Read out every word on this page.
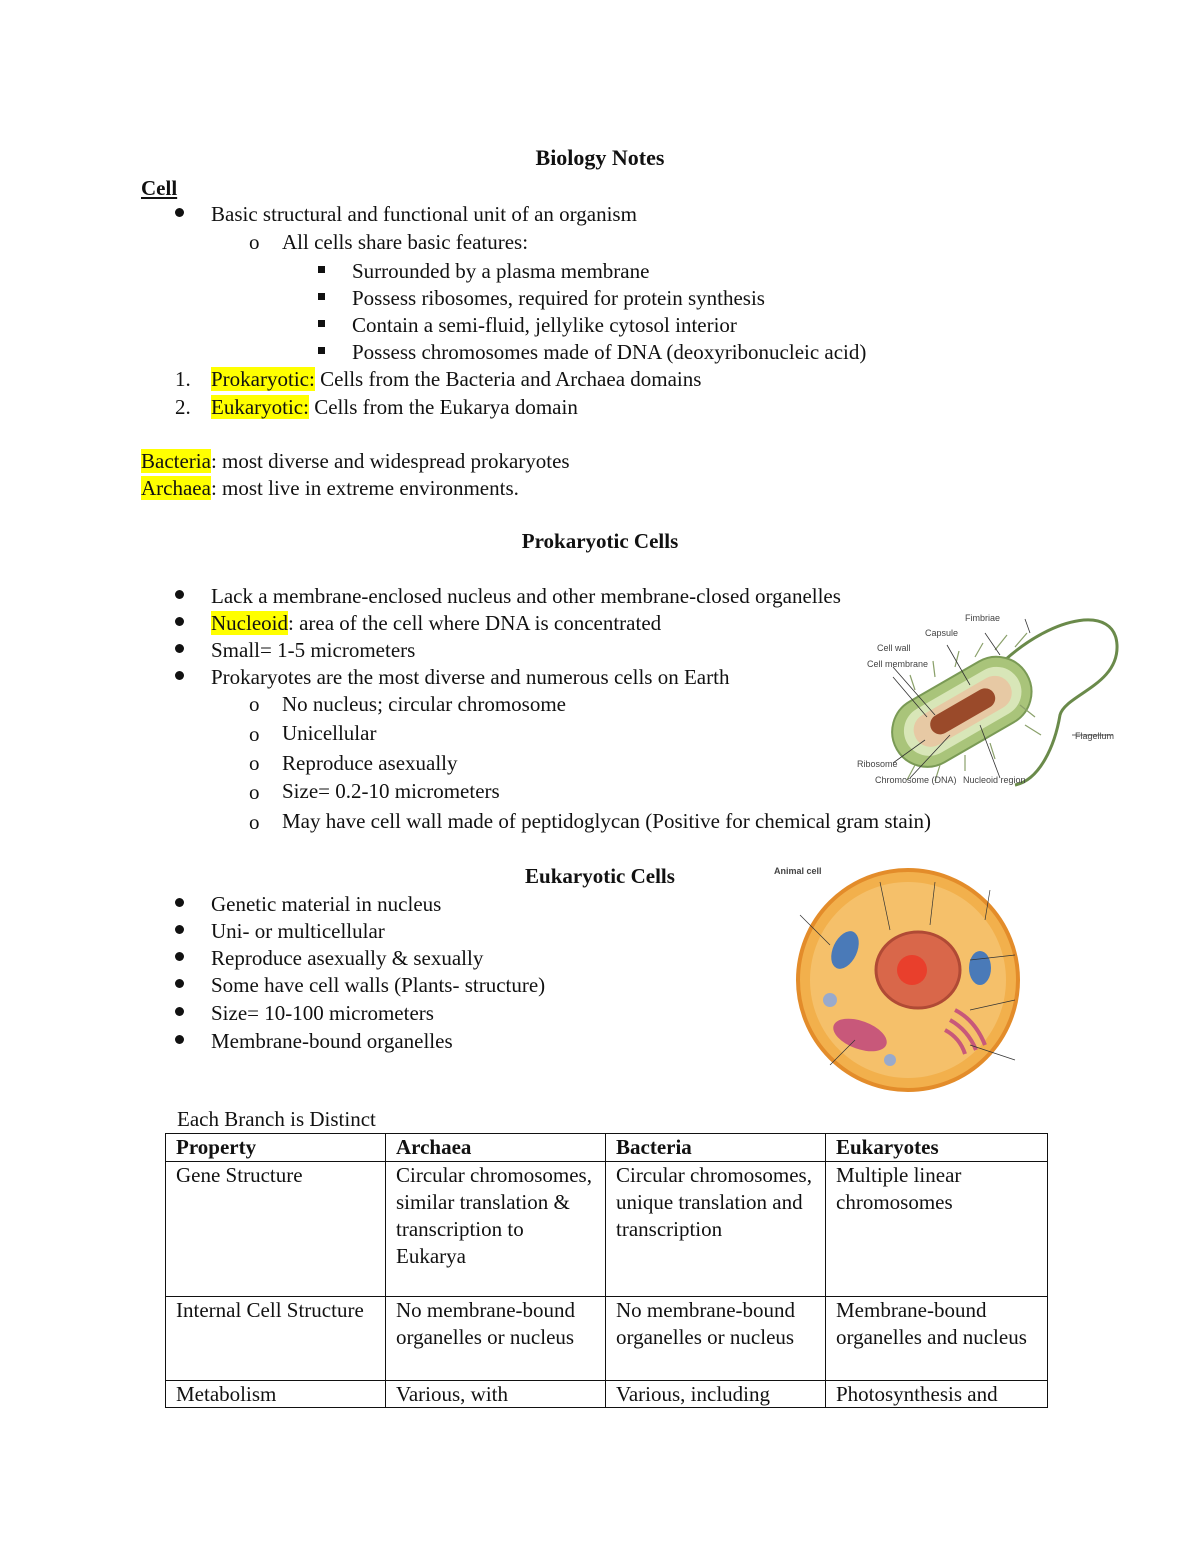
Biology Notes
Cell
Basic structural and functional unit of an organism
o All cells share basic features:
Surrounded by a plasma membrane
Possess ribosomes, required for protein synthesis
Contain a semi-fluid, jellylike cytosol interior
Possess chromosomes made of DNA (deoxyribonucleic acid)
1. Prokaryotic: Cells from the Bacteria and Archaea domains
2. Eukaryotic: Cells from the Eukarya domain
Bacteria: most diverse and widespread prokaryotes
Archaea: most live in extreme environments.
Prokaryotic Cells
Lack a membrane-enclosed nucleus and other membrane-closed organelles
Nucleoid: area of the cell where DNA is concentrated
Small= 1-5 micrometers
Prokaryotes are the most diverse and numerous cells on Earth
o No nucleus; circular chromosome
o Unicellular
o Reproduce asexually
o Size= 0.2-10 micrometers
o May have cell wall made of peptidoglycan (Positive for chemical gram stain)
Fimbriae
Capsule
Cell wall
Cell membrane
Flagellum
Ribosome
Chromosome (DNA) Nucleoid region
Eukaryotic Cells
Genetic material in nucleus
Uni- or multicellular
Reproduce asexually & sexually
Some have cell walls (Plants- structure)
Size= 10-100 micrometers
Membrane-bound organelles
Animal cell
Each Branch is Distinct
Property	Archaea	Bacteria	Eukaryotes
Gene Structure	Circular chromosomes, similar translation & transcription to Eukarya	Circular chromosomes, unique translation and transcription	Multiple linear chromosomes
Internal Cell Structure	No membrane-bound organelles or nucleus	No membrane-bound organelles or nucleus	Membrane-bound organelles and nucleus
Metabolism	Various, with	Various, including	Photosynthesis and
